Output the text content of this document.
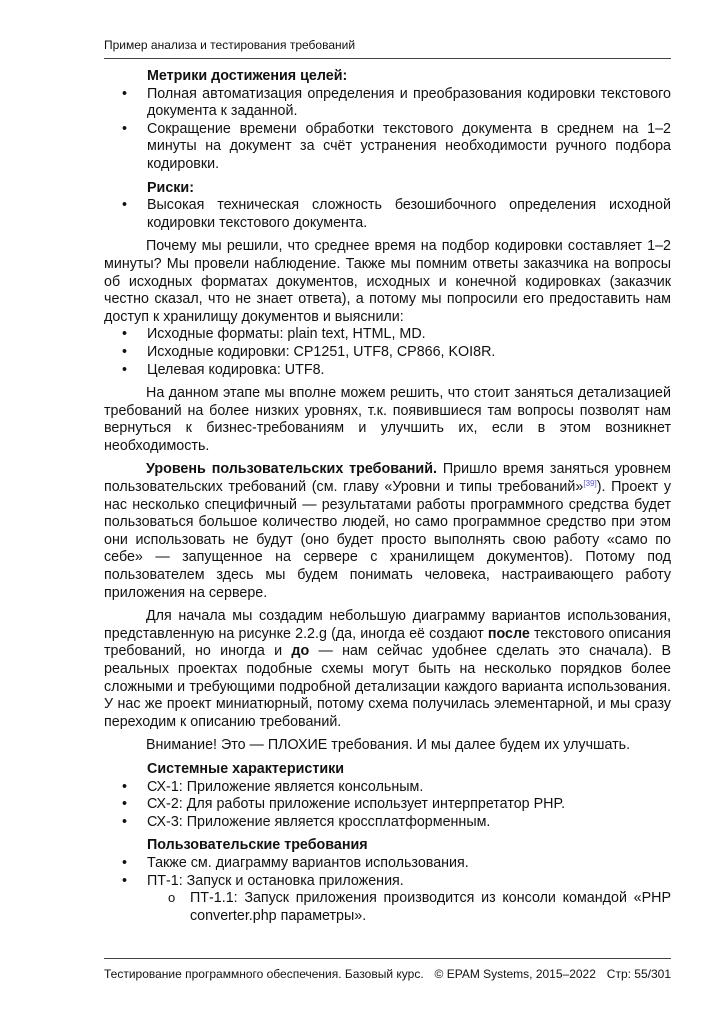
Пример анализа и тестирования требований
Метрики достижения целей:
• Полная автоматизация определения и преобразования кодировки текстового документа к заданной.
• Сокращение времени обработки текстового документа в среднем на 1–2 минуты на документ за счёт устранения необходимости ручного подбора кодировки.
Риски:
• Высокая техническая сложность безошибочного определения исходной кодировки текстового документа.

Почему мы решили, что среднее время на подбор кодировки составляет 1–2 минуты? Мы провели наблюдение. Также мы помним ответы заказчика на вопросы об исходных форматах документов, исходных и конечной кодировках (заказчик честно сказал, что не знает ответа), а потому мы попросили его предоставить нам доступ к хранилищу документов и выяснили:

• Исходные форматы: plain text, HTML, MD.
• Исходные кодировки: CP1251, UTF8, CP866, KOI8R.
• Целевая кодировка: UTF8.

На данном этапе мы вполне можем решить, что стоит заняться детализацией требований на более низких уровнях, т.к. появившиеся там вопросы позволят нам вернуться к бизнес-требованиям и улучшить их, если в этом возникнет необходимость.

Уровень пользовательских требований. Пришло время заняться уровнем пользовательских требований (см. главу «Уровни и типы требований»[39]). Проект у нас несколько специфичный — результатами работы программного средства будет пользоваться большое количество людей, но само программное средство при этом они использовать не будут (оно будет просто выполнять свою работу «само по себе» — запущенное на сервере с хранилищем документов). Потому под пользователем здесь мы будем понимать человека, настраивающего работу приложения на сервере.

Для начала мы создадим небольшую диаграмму вариантов использования, представленную на рисунке 2.2.g (да, иногда её создают после текстового описания требований, но иногда и до — нам сейчас удобнее сделать это сначала). В реальных проектах подобные схемы могут быть на несколько порядков более сложными и требующими подробной детализации каждого варианта использования. У нас же проект миниатюрный, потому схема получилась элементарной, и мы сразу переходим к описанию требований.

Внимание! Это — ПЛОХИЕ требования. И мы далее будем их улучшать.

Системные характеристики
• СХ-1: Приложение является консольным.
• СХ-2: Для работы приложение использует интерпретатор PHP.
• СХ-3: Приложение является кроссплатформенным.
Пользовательские требования
• Также см. диаграмму вариантов использования.
• ПТ-1: Запуск и остановка приложения.
o ПТ-1.1: Запуск приложения производится из консоли командой «PHP converter.php параметры».
Тестирование программного обеспечения. Базовый курс. © EPAM Systems, 2015–2022 Стр: 55/301
